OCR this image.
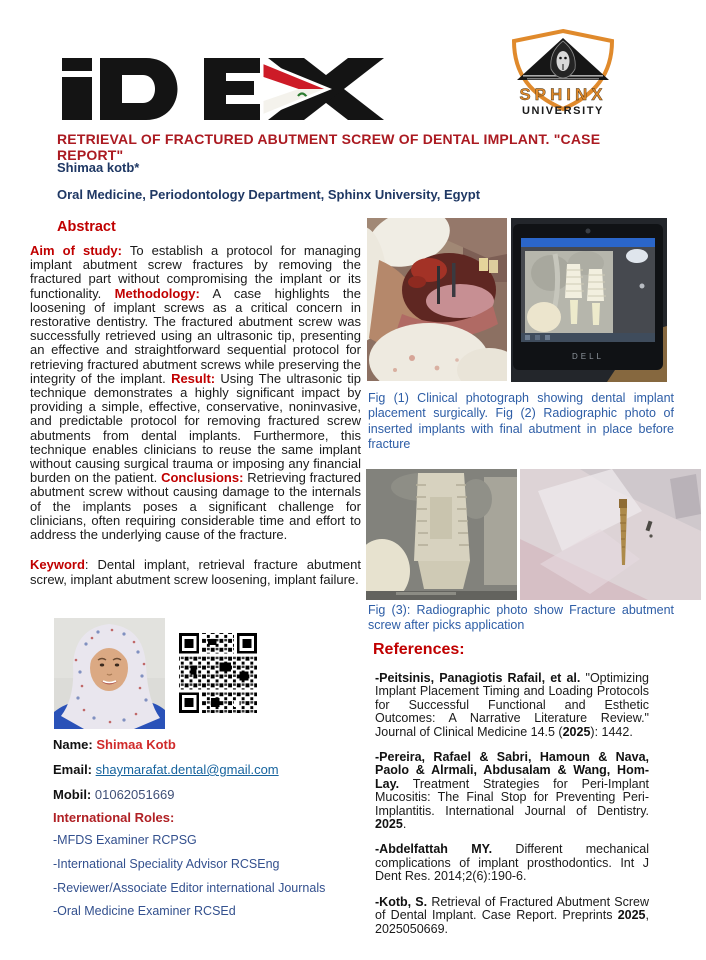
SPHINX
UNIVERSITY
RETRIEVAL OF FRACTURED ABUTMENT SCREW OF DENTAL IMPLANT. "CASE REPORT"
Shimaa kotb*
Oral Medicine, Periodontology Department, Sphinx University, Egypt
Abstract
Aim of study: To establish a protocol for managing implant abutment screw fractures by removing the fractured part without compromising the implant or its functionality. Methodology: A case highlights the loosening of implant screws as a critical concern in restorative dentistry. The fractured abutment screw was successfully retrieved using an ultrasonic tip, presenting an effective and straightforward sequential protocol for retrieving fractured abutment screws while preserving the integrity of the implant. Result: Using The ultrasonic tip technique demonstrates a highly significant impact by providing a simple, effective, conservative, noninvasive, and predictable protocol for removing fractured screw abutments from dental implants. Furthermore, this technique enables clinicians to reuse the same implant without causing surgical trauma or imposing any financial burden on the patient. Conclusions: Retrieving fractured abutment screw without causing damage to the internals of the implants poses a significant challenge for clinicians, often requiring considerable time and effort to address the underlying cause of the fracture.
Keyword: Dental implant, retrieval fracture abutment screw, implant abutment screw loosening, implant failure.
DELL
Fig (1) Clinical photograph showing dental implant placement surgically. Fig (2) Radiographic photo of inserted implants with final abutment in place before fracture
Fig (3): Radiographic photo show Fracture abutment screw after picks application
References:

-Peitsinis, Panagiotis Rafail, et al. "Optimizing Implant Placement Timing and Loading Protocols for Successful Functional and Esthetic Outcomes: A Narrative Literature Review." Journal of Clinical Medicine 14.5 (2025): 1442.

-Pereira, Rafael & Sabri, Hamoun & Nava, Paolo & Alrmali, Abdusalam & Wang, Hom-Lay. Treatment Strategies for Peri-Implant Mucositis: The Final Stop for Preventing Peri-Implantitis. International Journal of Dentistry. 2025.

-Abdelfattah MY. Different mechanical complications of implant prosthodontics. Int J Dent Res. 2014;2(6):190-6.

-Kotb, S. Retrieval of Fractured Abutment Screw of Dental Implant. Case Report. Preprints 2025, 2025050669.

Name: Shimaa Kotb
Email: shaymarafat.dental@gmail.com
Mobil: 01062051669
International Roles:
-MFDS Examiner RCPSG
-International Speciality Advisor RCSEng
-Reviewer/Associate Editor international Journals
-Oral Medicine Examiner RCSEd
